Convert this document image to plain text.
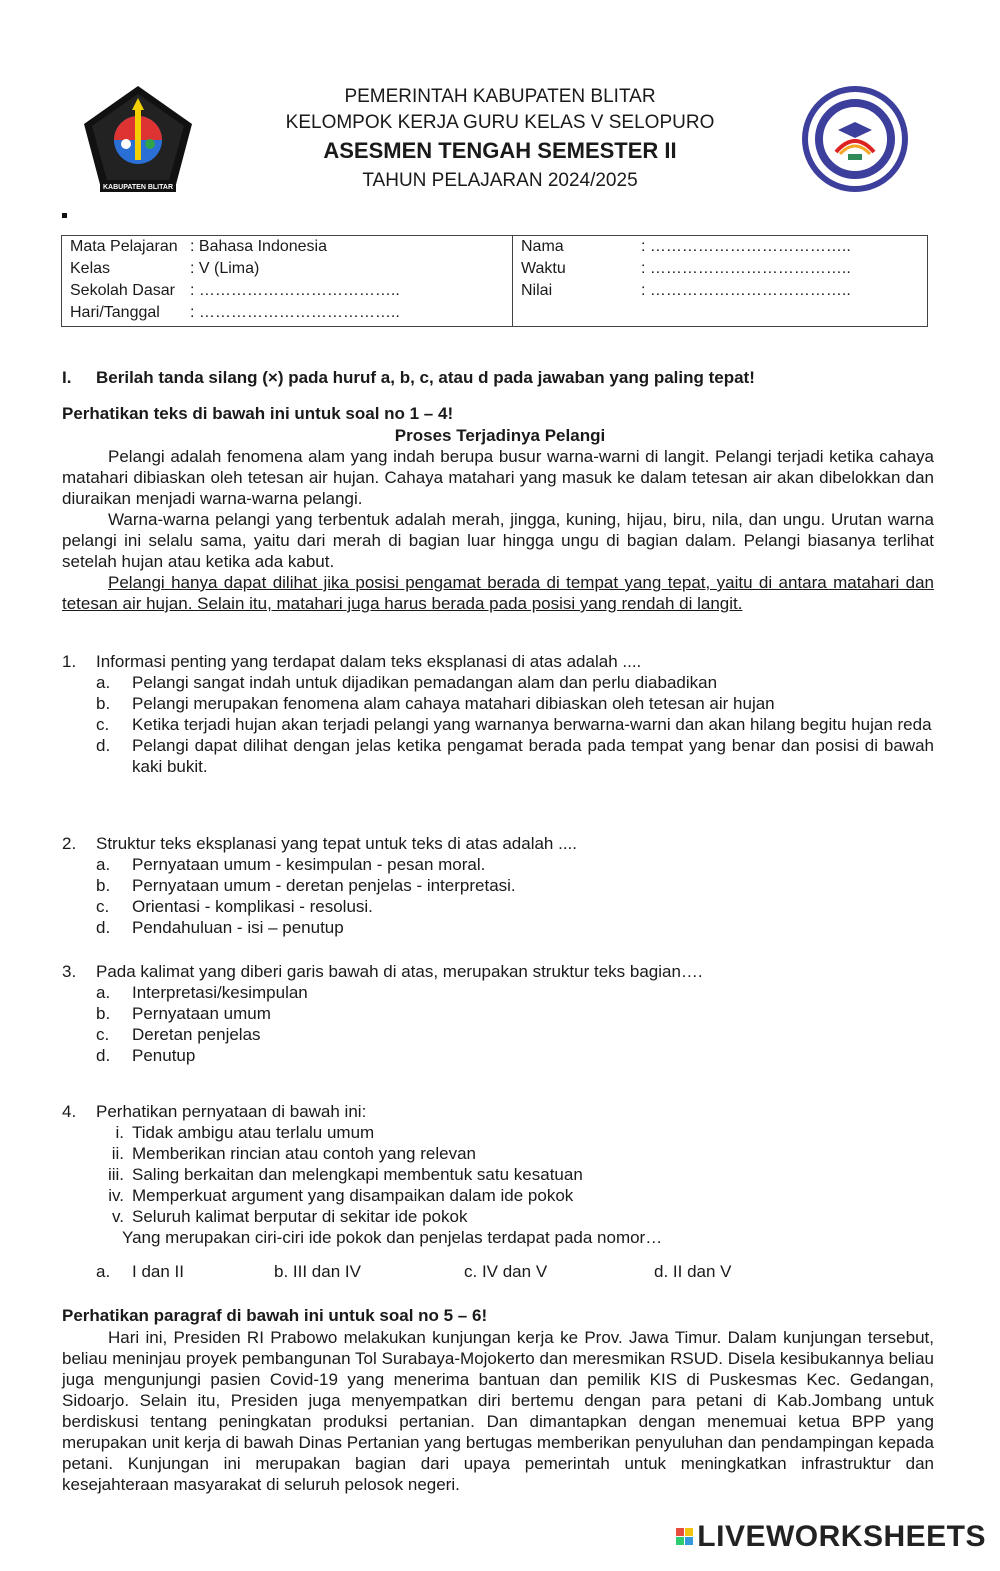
PEMERINTAH KABUPATEN BLITAR
KELOMPOK KERJA GURU KELAS V SELOPURO
ASESMEN TENGAH SEMESTER II
TAHUN PELAJARAN 2024/2025
KABUPATEN BLITAR
Mata Pelajaran : Bahasa Indonesia
Kelas	: V (Lima)
Sekolah Dasar : ………………………………..
Hari/Tanggal : ………………………………..
Nama	: ………………………………..
Waktu	: ………………………………..
Nilai	: ………………………………..
I. Berilah tanda silang (×) pada huruf a, b, c, atau d pada jawaban yang paling tepat!
Perhatikan teks di bawah ini untuk soal no 1 – 4!
Proses Terjadinya Pelangi

Pelangi adalah fenomena alam yang indah berupa busur warna-warni di langit. Pelangi terjadi ketika cahaya matahari dibiaskan oleh tetesan air hujan. Cahaya matahari yang masuk ke dalam tetesan air akan dibelokkan dan diuraikan menjadi warna-warna pelangi.

Warna-warna pelangi yang terbentuk adalah merah, jingga, kuning, hijau, biru, nila, dan ungu. Urutan warna pelangi ini selalu sama, yaitu dari merah di bagian luar hingga ungu di bagian dalam. Pelangi biasanya terlihat setelah hujan atau ketika ada kabut.

Pelangi hanya dapat dilihat jika posisi pengamat berada di tempat yang tepat, yaitu di antara matahari dan tetesan air hujan. Selain itu, matahari juga harus berada pada posisi yang rendah di langit.

1. Informasi penting yang terdapat dalam teks eksplanasi di atas adalah ....
a. Pelangi sangat indah untuk dijadikan pemadangan alam dan perlu diabadikan
b. Pelangi merupakan fenomena alam cahaya matahari dibiaskan oleh tetesan air hujan
c. Ketika terjadi hujan akan terjadi pelangi yang warnanya berwarna-warni dan akan hilang begitu hujan reda
d. Pelangi dapat dilihat dengan jelas ketika pengamat berada pada tempat yang benar dan posisi di bawah kaki bukit.
2. Struktur teks eksplanasi yang tepat untuk teks di atas adalah ....
a. Pernyataan umum - kesimpulan - pesan moral.
b. Pernyataan umum - deretan penjelas - interpretasi.
c. Orientasi - komplikasi - resolusi.
d. Pendahuluan - isi – penutup
3. Pada kalimat yang diberi garis bawah di atas, merupakan struktur teks bagian….
a. Interpretasi/kesimpulan
b. Pernyataan umum
c. Deretan penjelas
d. Penutup
4. Perhatikan pernyataan di bawah ini:
i. Tidak ambigu atau terlalu umum
ii. Memberikan rincian atau contoh yang relevan
iii. Saling berkaitan dan melengkapi membentuk satu kesatuan
iv. Memperkuat argument yang disampaikan dalam ide pokok
v. Seluruh kalimat berputar di sekitar ide pokok
Yang merupakan ciri-ciri ide pokok dan penjelas terdapat pada nomor…
a. I dan II	b. III dan IV	c. IV dan V	d. II dan V
Perhatikan paragraf di bawah ini untuk soal no 5 – 6!

Hari ini, Presiden RI Prabowo melakukan kunjungan kerja ke Prov. Jawa Timur. Dalam kunjungan tersebut, beliau meninjau proyek pembangunan Tol Surabaya-Mojokerto dan meresmikan RSUD. Disela kesibukannya beliau juga mengunjungi pasien Covid-19 yang menerima bantuan dan pemilik KIS di Puskesmas Kec. Gedangan, Sidoarjo. Selain itu, Presiden juga menyempatkan diri bertemu dengan para petani di Kab.Jombang untuk berdiskusi tentang peningkatan produksi pertanian. Dan dimantapkan dengan menemuai ketua BPP yang merupakan unit kerja di bawah Dinas Pertanian yang bertugas memberikan penyuluhan dan pendampingan kepada petani. Kunjungan ini merupakan bagian dari upaya pemerintah untuk meningkatkan infrastruktur dan kesejahteraan masyarakat di seluruh pelosok negeri.

LIVEWORKSHEETS
